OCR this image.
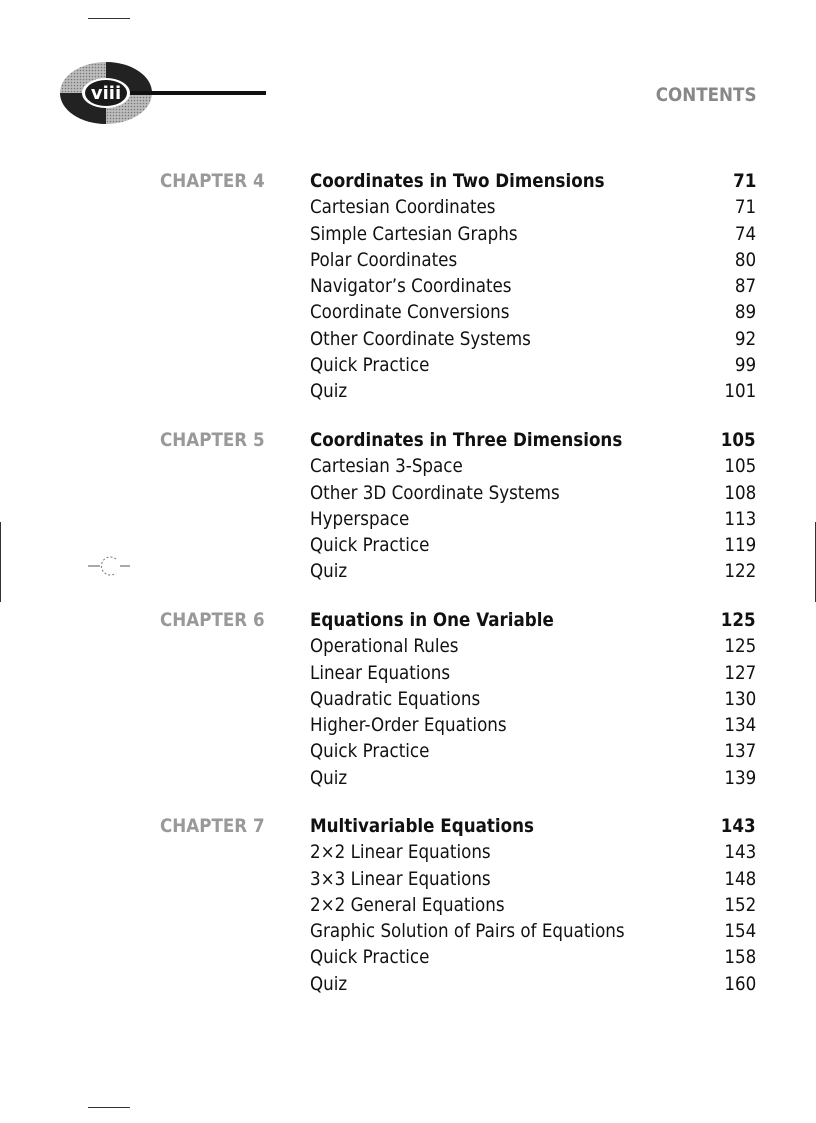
viii	CONTENTS
CHAPTER 4 Coordinates in Two Dimensions	71
Cartesian Coordinates	71
Simple Cartesian Graphs	74
Polar Coordinates	80
Navigator’s Coordinates	87
Coordinate Conversions	89
Other Coordinate Systems	92
Quick Practice	99
Quiz	101
CHAPTER 5 Coordinates in Three Dimensions	105
Cartesian 3-Space	105
Other 3D Coordinate Systems	108
Hyperspace	113
Quick Practice	119
Quiz	122
CHAPTER 6 Equations in One Variable	125
Operational Rules	125
Linear Equations	127
Quadratic Equations	130
Higher-Order Equations	134
Quick Practice	137
Quiz	139
CHAPTER 7 Multivariable Equations	143
2×2 Linear Equations	143
3×3 Linear Equations	148
2×2 General Equations	152
Graphic Solution of Pairs of Equations	154
Quick Practice	158
Quiz	160
